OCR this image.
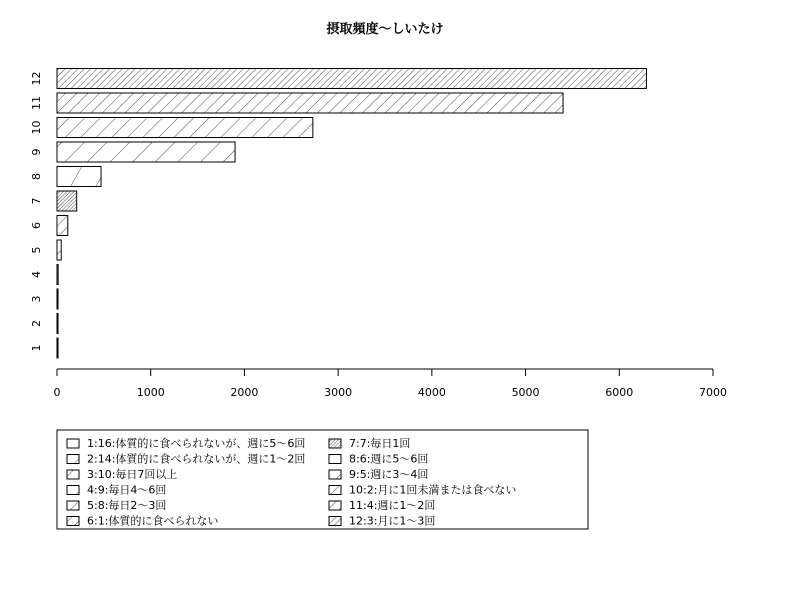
摂取頻度〜しいたけ
1
2
3
4
5
6
7
8
9
10
11
12
0	1000	2000	3000	4000	5000	6000	7000
1:16:体質的に食べられないが、週に5〜6回
2:14:体質的に食べられないが、週に1〜2回
3:10:毎日7回以上
4:9:毎日4〜6回
5:8:毎日2〜3回
6:1:体質的に食べられない
7:7:毎日1回
8:6:週に5〜6回
9:5:週に3〜4回
10:2:月に1回未満または食べない
11:4:週に1〜2回
12:3:月に1〜3回
